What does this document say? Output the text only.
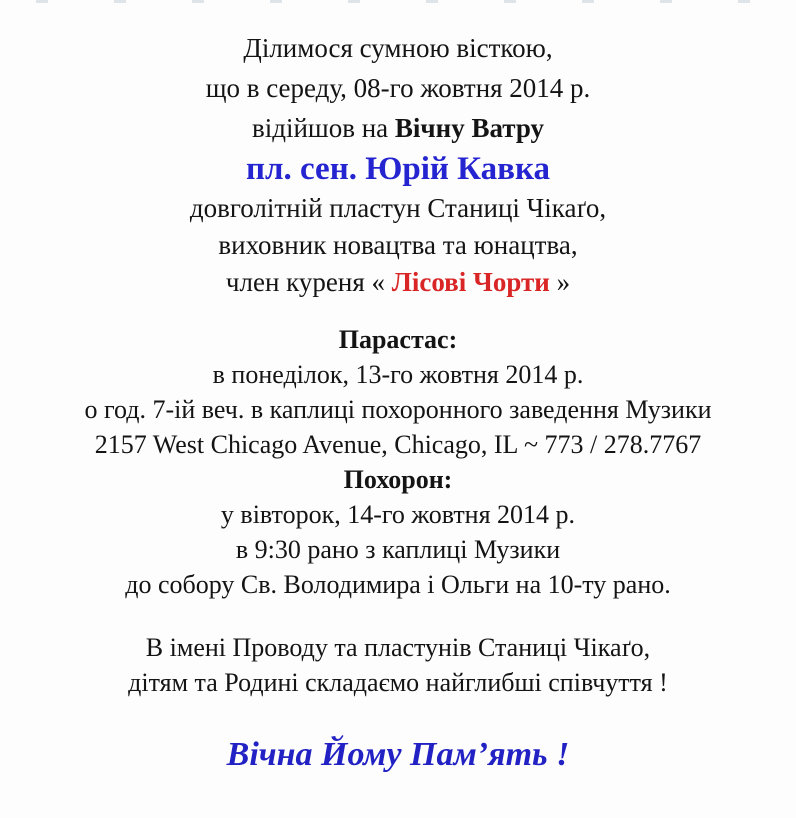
Ділимося сумною вісткою,

що в середу, 08-го жовтня 2014 р.

відійшов на Вічну Ватру

пл. сен. Юрій Кавка

довголітній пластун Станиці Чікаґо,

виховник новацтва та юнацтва,

член куреня « Лісові Чорти »

Парастас:

в понеділок, 13-го жовтня 2014 р.

о год. 7-ій веч. в каплиці похоронного заведення Музики

2157 West Chicago Avenue, Chicago, IL ~ 773 / 278.7767

Похорон:

у вівторок, 14-го жовтня 2014 р.

в 9:30 рано з каплиці Музики

до собору Св. Володимира і Ольги на 10-ту рано.

В імені Проводу та пластунів Станиці Чікаґо,

дітям та Родині складаємо найглибші співчуття !

Вічна Йому Пам’ять !
